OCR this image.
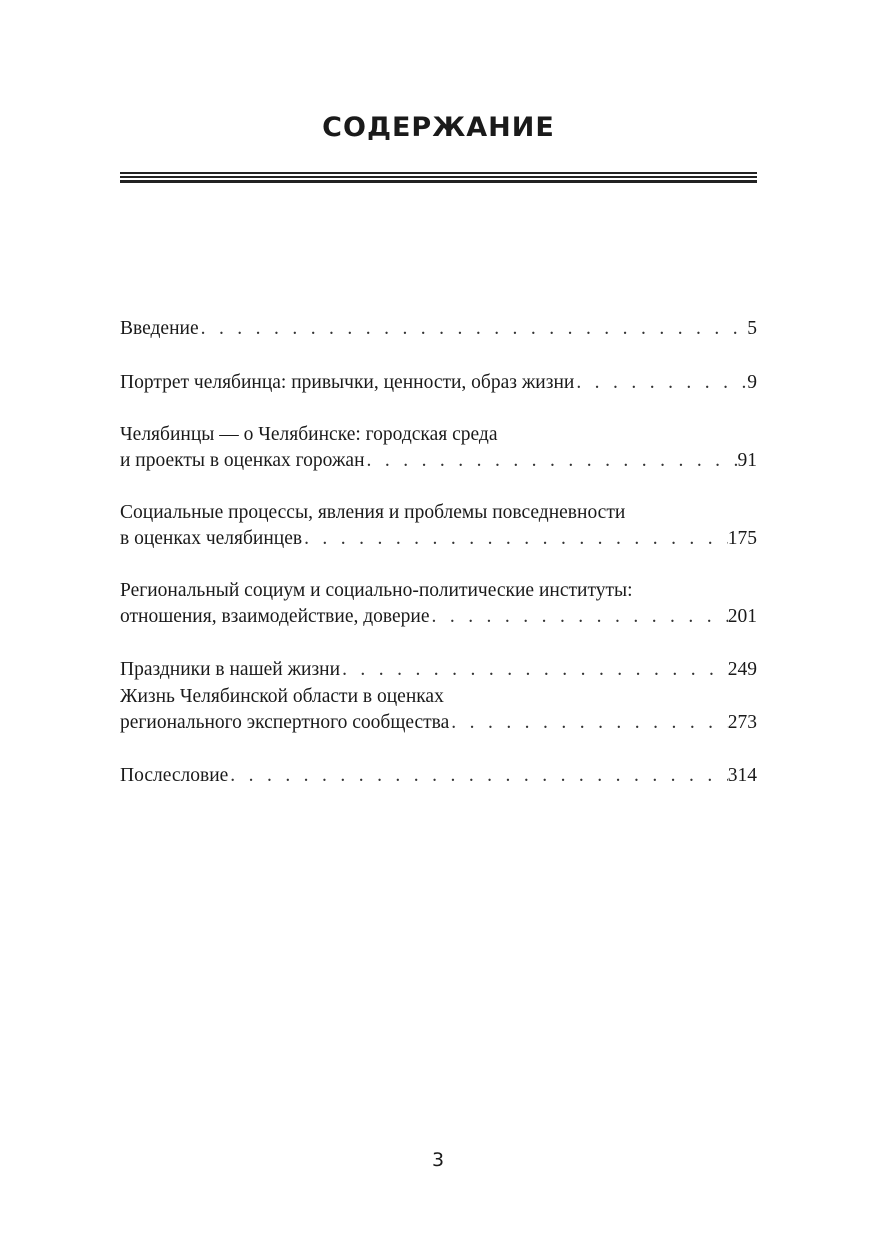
СОДЕРЖАНИЕ
Введение . . .	5
Портрет челябинца: привычки, ценности, образ жизни . . .	9
Челябинцы — о Челябинске: городская среда
и проекты в оценках горожан . . .	91
Социальные процессы, явления и проблемы повседневности
в оценках челябинцев . . .	175
Региональный социум и социально-политические институты:
отношения, взаимодействие, доверие . . .	201
Праздники в нашей жизни . . .	249
Жизнь Челябинской области в оценках
регионального экспертного сообщества . . .	273
Послесловие . . .	314
3
